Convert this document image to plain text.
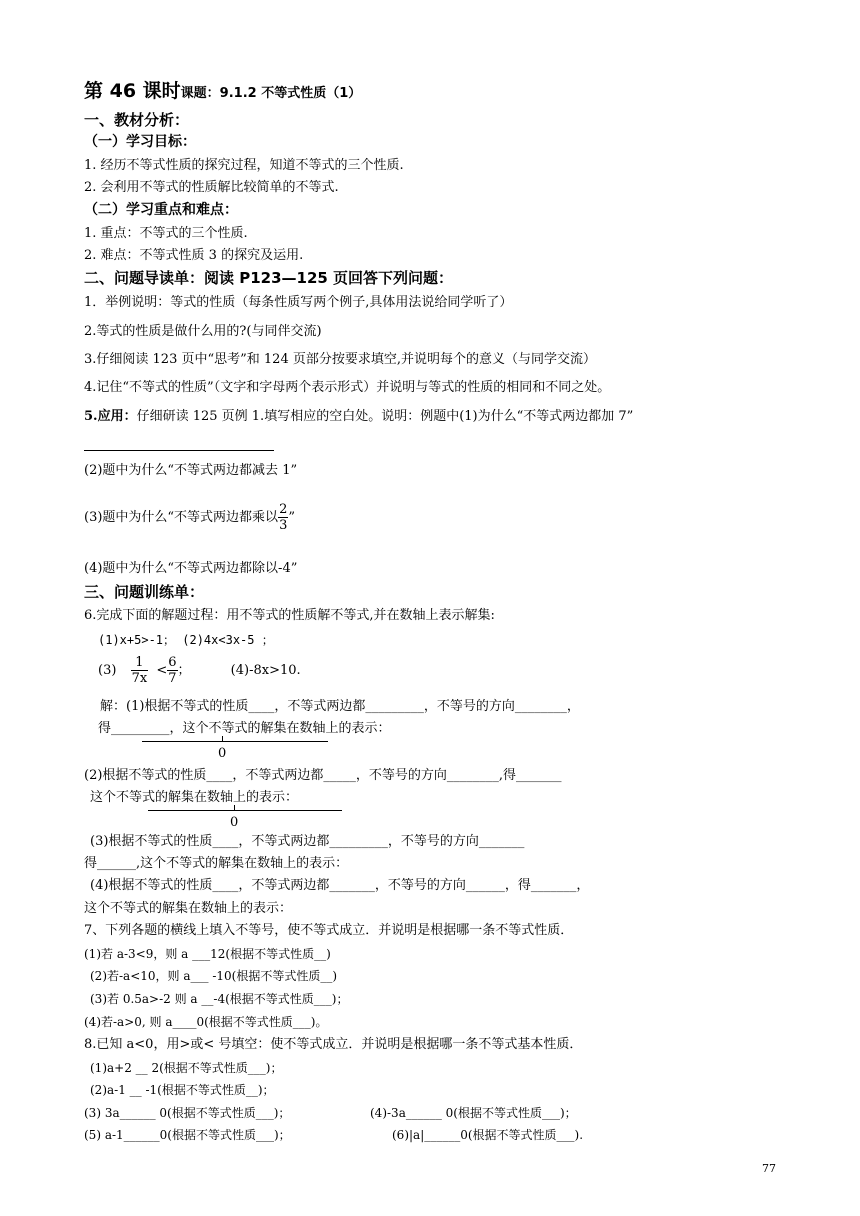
第 46 课时课题：9.1.2 不等式性质（1）
一、教材分析：
（一）学习目标：
1. 经历不等式性质的探究过程，知道不等式的三个性质.
2. 会利用不等式的性质解比较简单的不等式.
（二）学习重点和难点：
1. 重点：不等式的三个性质.
2. 难点：不等式性质 3 的探究及运用.
二、问题导读单：阅读 P123—125 页回答下列问题：
1．举例说明：等式的性质（每条性质写两个例子,具体用法说给同学听了）
2.等式的性质是做什么用的?(与同伴交流)
3.仔细阅读 123 页中“思考”和 124 页部分按要求填空,并说明每个的意义（与同学交流）
4.记住“不等式的性质”（文字和字母两个表示形式）并说明与等式的性质的相同和不同之处。
5.应用：仔细研读 125 页例 1.填写相应的空白处。说明：例题中(1)为什么“不等式两边都加 7”
(2)题中为什么“不等式两边都减去 1”
(3)题中为什么“不等式两边都乘以 $\frac{2}{3}$ ”
(4)题中为什么“不等式两边都除以-4”
三、问题训练单：
6.完成下面的解题过程：用不等式的性质解不等式,并在数轴上表示解集:
(1)x+5>-1； (2)4x<3x-5 ；
$(3) \frac{1}{7x} < \frac{6}{7}$ ；	(4)-8x>10.
解：(1)根据不等式的性质____，不等式两边都_________，不等号的方向________，
得_________，这个不等式的解集在数轴上的表示：
0
(2)根据不等式的性质____，不等式两边都_____，不等号的方向________,得_______
这个不等式的解集在数轴上的表示：
0
(3)根据不等式的性质____，不等式两边都_________，不等号的方向_______
得______,这个不等式的解集在数轴上的表示：
(4)根据不等式的性质____，不等式两边都_______，不等号的方向______，得_______，
这个不等式的解集在数轴上的表示：
7、下列各题的横线上填入不等号，使不等式成立．并说明是根据哪一条不等式性质．
(1)若 a-3<9，则 a ___12(根据不等式性质__)
(2)若-a<10，则 a___ -10(根据不等式性质__)
(3)若 0.5a>-2 则 a __-4(根据不等式性质___)；
(4)若-a>0, 则 a____0(根据不等式性质___)。
8.已知 a<0，用>或< 号填空：使不等式成立．并说明是根据哪一条不等式基本性质．
(1)a+2 __ 2(根据不等式性质___)；
(2)a-1 __ -1(根据不等式性质__)；
(3) 3a______ 0(根据不等式性质___)；	(4)-3a______ 0(根据不等式性质___)；
(5) a-1______0(根据不等式性质___)；	(6)|a|______0(根据不等式性质___).
77
